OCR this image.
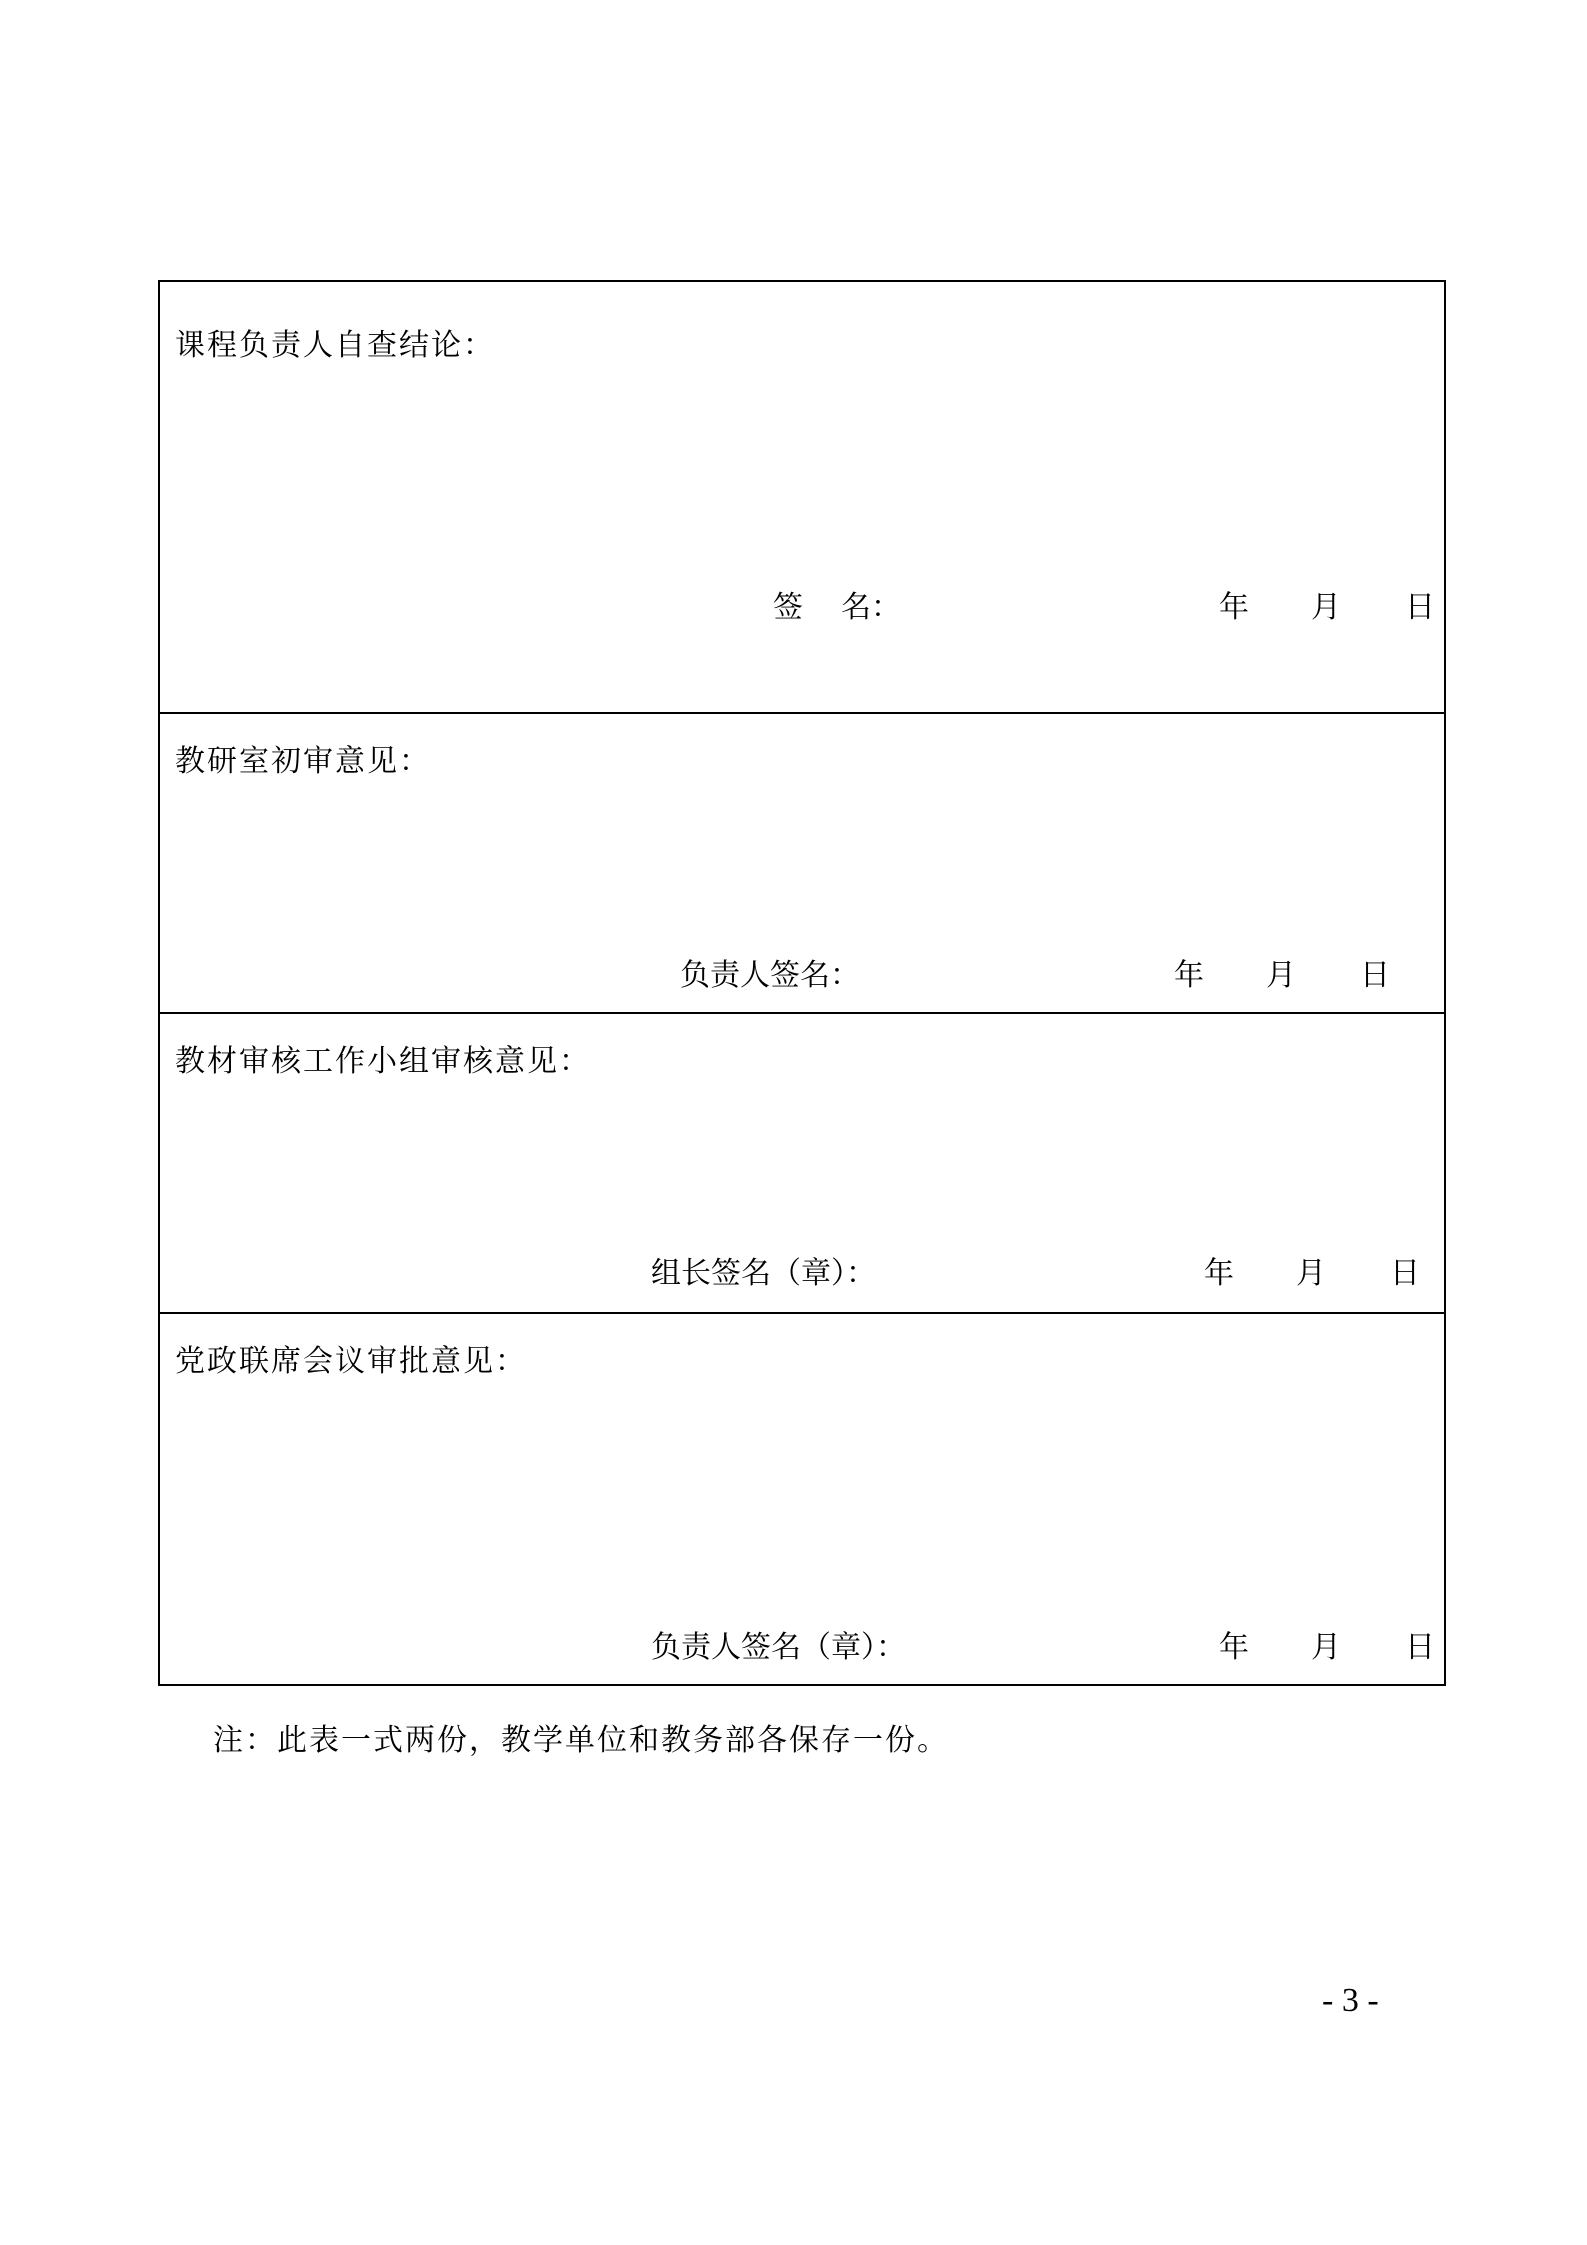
课程负责人自查结论：
签 名：	年 月 日
教研室初审意见：
负责人签名：	年 月 日
教材审核工作小组审核意见：
组长签名（章）：	年 月 日
党政联席会议审批意见：
负责人签名（章）：	年 月 日
注：此表一式两份，教学单位和教务部各保存一份。
- 3 -
